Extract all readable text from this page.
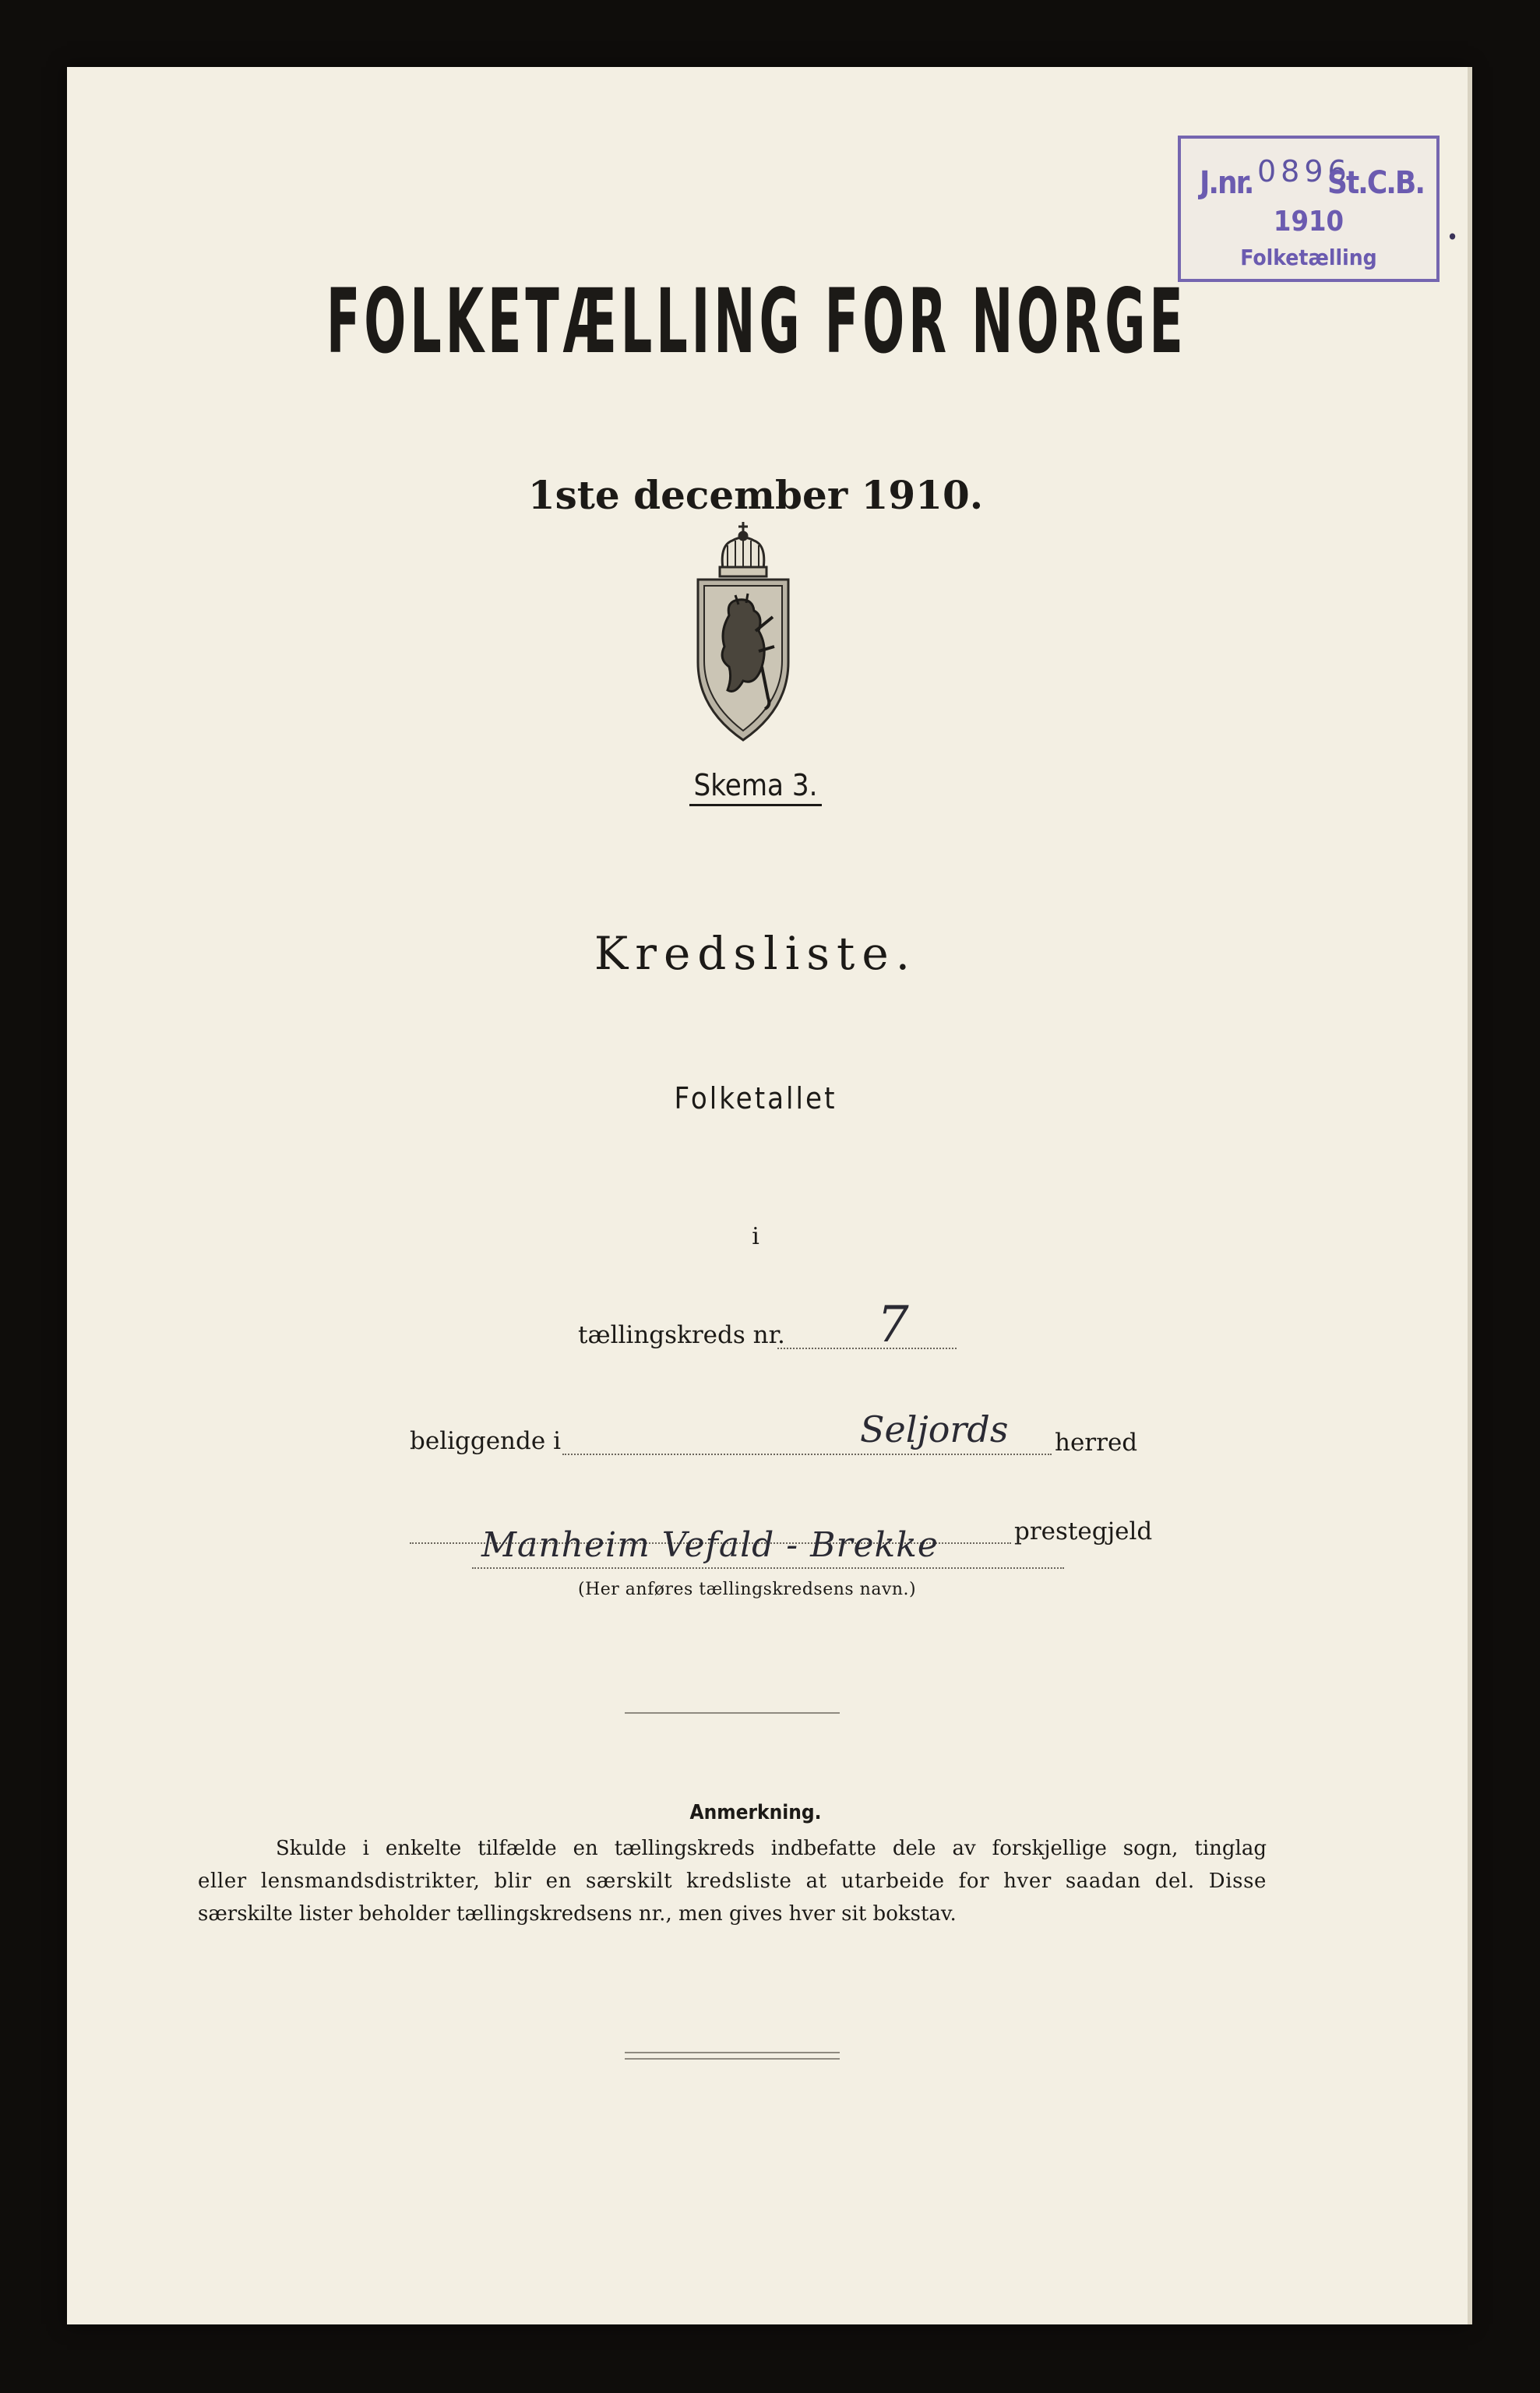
J.nr. 0896
St.C.B.
1910
Folketælling
•
FOLKETÆLLING FOR NORGE
1ste december 1910.
Skema 3.
Kredsliste.
Folketallet
i
tællingskreds nr. 7
beliggende i	Seljords herred
prestegjeld
Manheim Vefald - Brekke
(Her anføres tællingskredsens navn.)
Anmerkning.
Skulde i enkelte tilfælde en tællingskreds indbefatte dele av forskjellige sogn, tinglag
eller lensmandsdistrikter, blir en særskilt kredsliste at utarbeide for hver saadan del. Disse
særskilte lister beholder tællingskredsens nr., men gives hver sit bokstav.
